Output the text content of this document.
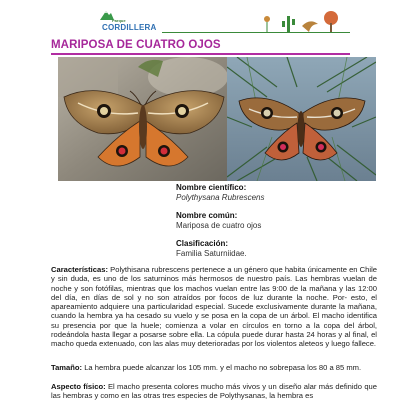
Parque
CORDILLERA
MARIPOSA DE CUATRO OJOS
Nombre científico:
Polythysana Rubrescens
Nombre común:
Mariposa de cuatro ojos
Clasificación:
Familia Saturniidae.
Características: Polythisana rubrescens pertenece a un género que habita únicamente en Chile y sin duda, es uno de los saturninos más hermosos de nuestro país. Las hembras vuelan de noche y son fotófilas, mientras que los machos vuelan entre las 9:00 de la mañana y las 12:00 del día, en días de sol y no son atraídos por focos de luz durante la noche. Por- esto, el apareamiento adquiere una particularidad especial. Sucede exclusivamente durante la mañana, cuando la hembra ya ha cesado su vuelo y se posa en la copa de un árbol. El macho identifica su presencia por que la huele; comienza a volar en círculos en torno a la copa del árbol, rodeándola hasta llegar a posarse sobre ella. La cópula puede durar hasta 24 horas y al final, el macho queda extenuado, con las alas muy deterioradas por los violentos aleteos y luego fallece.
Tamaño: La hembra puede alcanzar los 105 mm. y el macho no sobrepasa los 80 a 85 mm.
Aspecto físico: El macho presenta colores mucho más vivos y un diseño alar más definido que las hembras y como en las otras tres especies de Polythysanas, la hembra es
